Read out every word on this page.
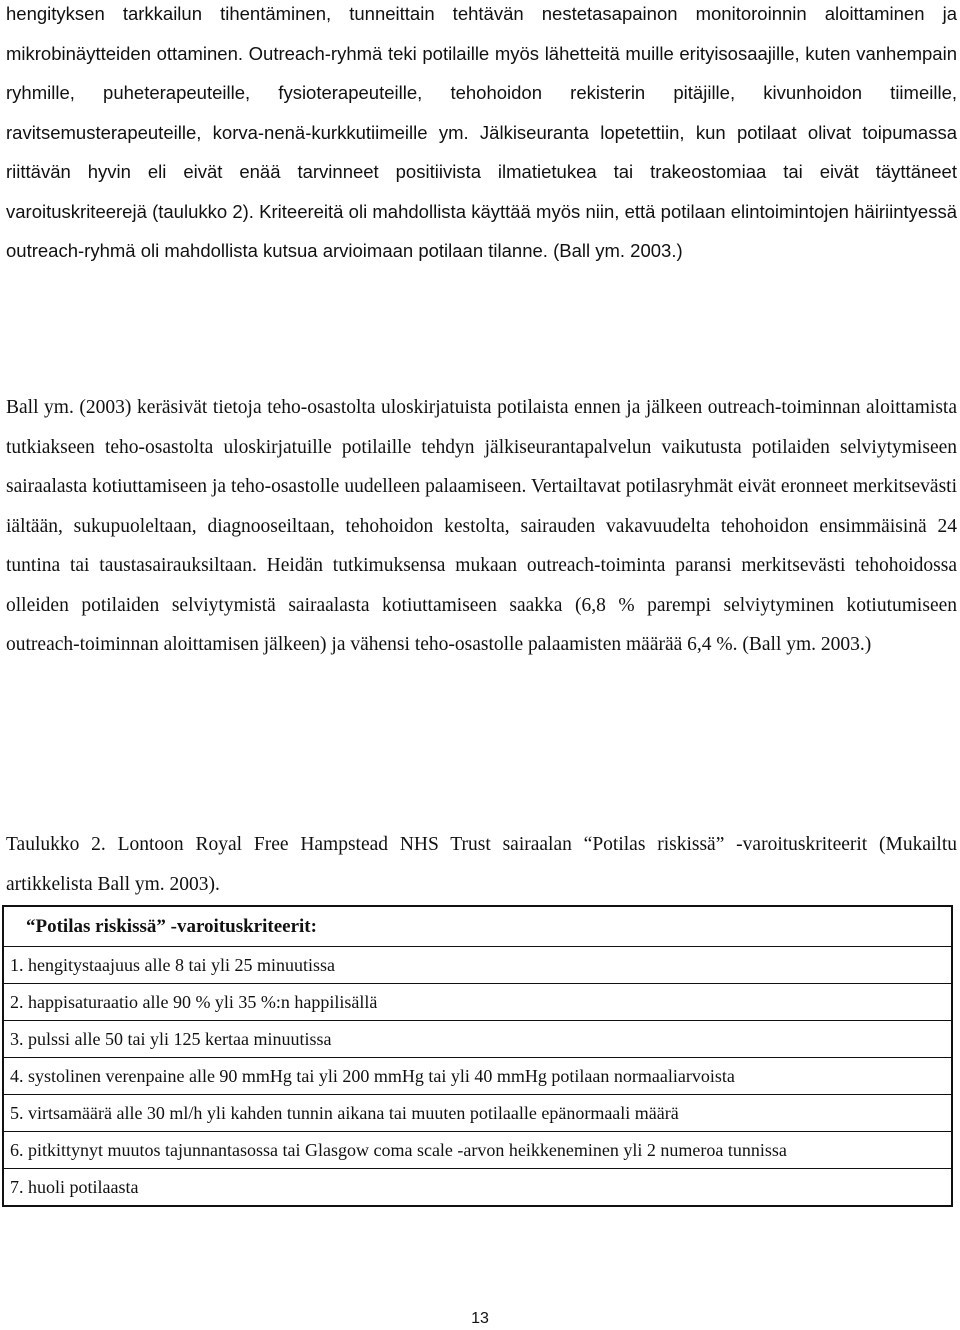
hengityksen tarkkailun tihentäminen, tunneittain tehtävän nestetasapainon monitoroinnin aloittaminen ja mikrobinäytteiden ottaminen. Outreach-ryhmä teki potilaille myös lähetteitä muille erityisosaajille, kuten vanhempain ryhmille, puheterapeuteille, fysioterapeuteille, tehohoidon rekisterin pitäjille, kivunhoidon tiimeille, ravitsemusterapeuteille, korva-nenä-kurkkutiimeille ym. Jälkiseuranta lopetettiin, kun potilaat olivat toipumassa riittävän hyvin eli eivät enää tarvinneet positiivista ilmatietukea tai trakeostomiaa tai eivät täyttäneet varoituskriteerejä (taulukko 2). Kriteereitä oli mahdollista käyttää myös niin, että potilaan elintoimintojen häiriintyessä outreach-ryhmä oli mahdollista kutsua arvioimaan potilaan tilanne. (Ball ym. 2003.)

Ball ym. (2003) keräsivät tietoja teho-osastolta uloskirjatuista potilaista ennen ja jälkeen outreach-toiminnan aloittamista tutkiakseen teho-osastolta uloskirjatuille potilaille tehdyn jälkiseurantapalvelun vaikutusta potilaiden selviytymiseen sairaalasta kotiuttamiseen ja teho-osastolle uudelleen palaamiseen. Vertailtavat potilasryhmät eivät eronneet merkitsevästi iältään, sukupuoleltaan, diagnooseiltaan, tehohoidon kestolta, sairauden vakavuudelta tehohoidon ensimmäisinä 24 tuntina tai taustasairauksiltaan. Heidän tutkimuksensa mukaan outreach-toiminta paransi merkitsevästi tehohoidossa olleiden potilaiden selviytymistä sairaalasta kotiuttamiseen saakka (6,8 % parempi selviytyminen kotiutumiseen outreach-toiminnan aloittamisen jälkeen) ja vähensi teho-osastolle palaamisten määrää 6,4 %. (Ball ym. 2003.)

Taulukko 2. Lontoon Royal Free Hampstead NHS Trust sairaalan “Potilas riskissä” -varoituskriteerit (Mukailtu artikkelista Ball ym. 2003).

“Potilas riskissä” -varoituskriteerit:
1. hengitystaajuus alle 8 tai yli 25 minuutissa
2. happisaturaatio alle 90 % yli 35 %:n happilisällä
3. pulssi alle 50 tai yli 125 kertaa minuutissa
4. systolinen verenpaine alle 90 mmHg tai yli 200 mmHg tai yli 40 mmHg potilaan normaaliarvoista
5. virtsamäärä alle 30 ml/h yli kahden tunnin aikana tai muuten potilaalle epänormaali määrä
6. pitkittynyt muutos tajunnantasossa tai Glasgow coma scale -arvon heikkeneminen yli 2 numeroa tunnissa
7. huoli potilaasta
13
